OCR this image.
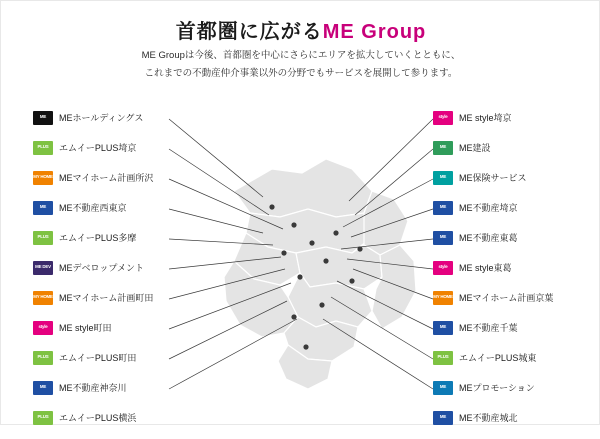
首都圏に広がるME Group
ME Groupは今後、首都圏を中心にさらにエリアを拡大していくとともに、
これまでの不動産仲介事業以外の分野でもサービスを展開して参ります。
ME	MEホールディングス
PLUS	エムイーPLUS埼京
MY HOME MEマイホーム計画所沢
ME	ME不動産西東京
PLUS	エムイーPLUS多摩
ME DEV MEデベロップメント
MY HOME MEマイホーム計画町田
style	ME style町田
PLUS	エムイーPLUS町田
ME	ME不動産神奈川
PLUS	エムイーPLUS横浜
style	ME style埼京
ME	ME建設
ME	ME保険サービス
ME	ME不動産埼京
ME	ME不動産東葛
style	ME style東葛
MY HOME MEマイホーム計画京葉
ME	ME不動産千葉
PLUS	エムイーPLUS城東
ME	MEプロモーション
ME	ME不動産城北
